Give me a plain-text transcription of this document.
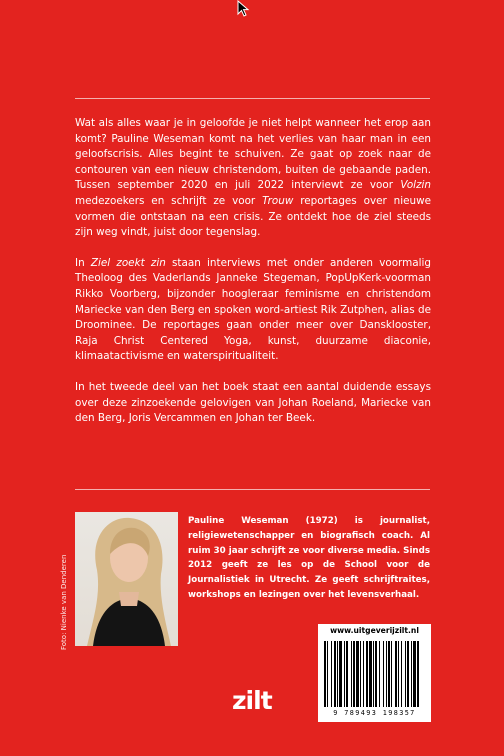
Wat als alles waar je in geloofde je niet helpt wanneer het erop aan komt? Pauline Weseman komt na het verlies van haar man in een geloofscrisis. Alles begint te schuiven. Ze gaat op zoek naar de contouren van een nieuw christendom, buiten de gebaande paden. Tussen september 2020 en juli 2022 interviewt ze voor Volzin medezoekers en schrijft ze voor Trouw reportages over nieuwe vormen die ontstaan na een crisis. Ze ontdekt hoe de ziel steeds zijn weg vindt, juist door tegenslag.

In Ziel zoekt zin staan interviews met onder anderen voormalig Theoloog des Vaderlands Janneke Stegeman, PopUpKerk-voorman Rikko Voorberg, bijzonder hoogleraar feminisme en christendom Mariecke van den Berg en spoken word-artiest Rik Zutphen, alias de Droominee. De reportages gaan onder meer over Dansklooster, Raja Christ Centered Yoga, kunst, duurzame diaconie, klimaatactivisme en waterspiritualiteit.

In het tweede deel van het boek staat een aantal duidende essays over deze zinzoekende gelovigen van Johan Roeland, Mariecke van den Berg, Joris Vercammen en Johan ter Beek.

Foto: Nienke van Denderen
Pauline Weseman (1972) is journalist, religiewetenschapper en biografisch coach. Al ruim 30 jaar schrijft ze voor diverse media. Sinds 2012 geeft ze les op de School voor de Journalistiek in Utrecht. Ze geeft schrijftraites, workshops en lezingen over het levensverhaal.
zilt
www.uitgeverijzilt.nl
9 789493 198357
